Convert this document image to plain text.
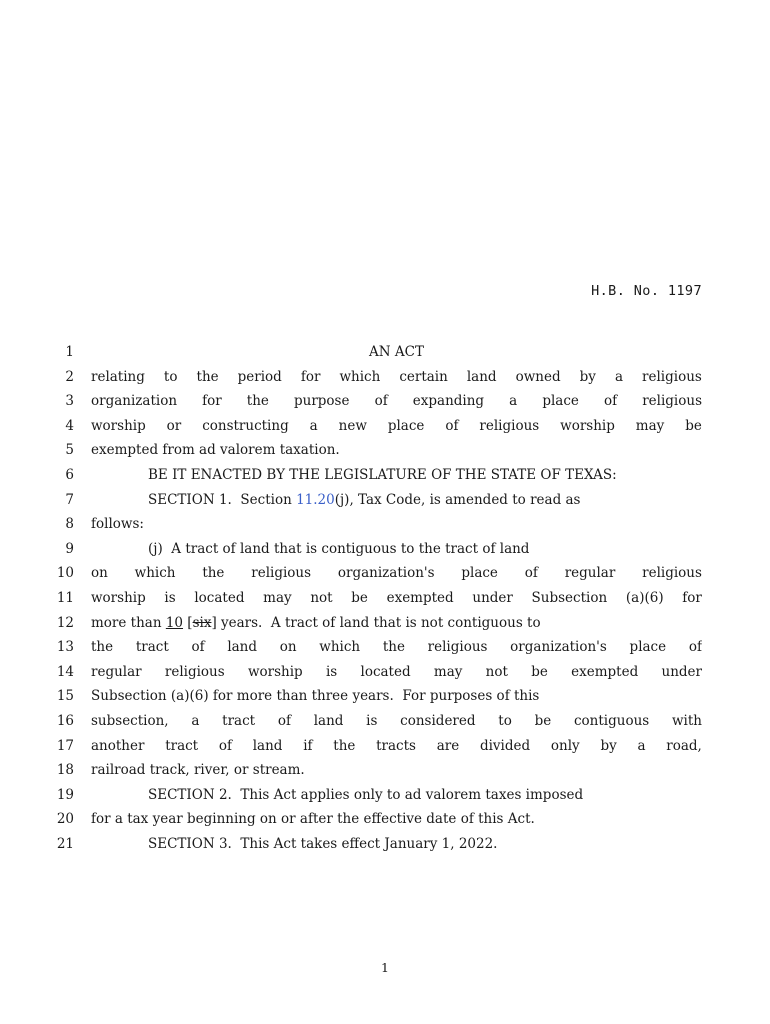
H.B. No. 1197
1	AN ACT
2 relating to the period for which certain land owned by a religious
3 organization for the purpose of expanding a place of religious
4 worship or constructing a new place of religious worship may be
5 exempted from ad valorem taxation.
6	BE IT ENACTED BY THE LEGISLATURE OF THE STATE OF TEXAS:
7	SECTION 1.  Section 11.20(j), Tax Code, is amended to read as
8 follows:
9	(j)  A tract of land that is contiguous to the tract of land
10 on which the religious organization's place of regular religious
11 worship is located may not be exempted under Subsection (a)(6) for
12 more than 10 [six] years.  A tract of land that is not contiguous to
13 the tract of land on which the religious organization's place of
14 regular religious worship is located may not be exempted under
15 Subsection (a)(6) for more than three years.  For purposes of this
16 subsection, a tract of land is considered to be contiguous with
17 another tract of land if the tracts are divided only by a road,
18 railroad track, river, or stream.
19	SECTION 2.  This Act applies only to ad valorem taxes imposed
20 for a tax year beginning on or after the effective date of this Act.
21	SECTION 3.  This Act takes effect January 1, 2022.
1
